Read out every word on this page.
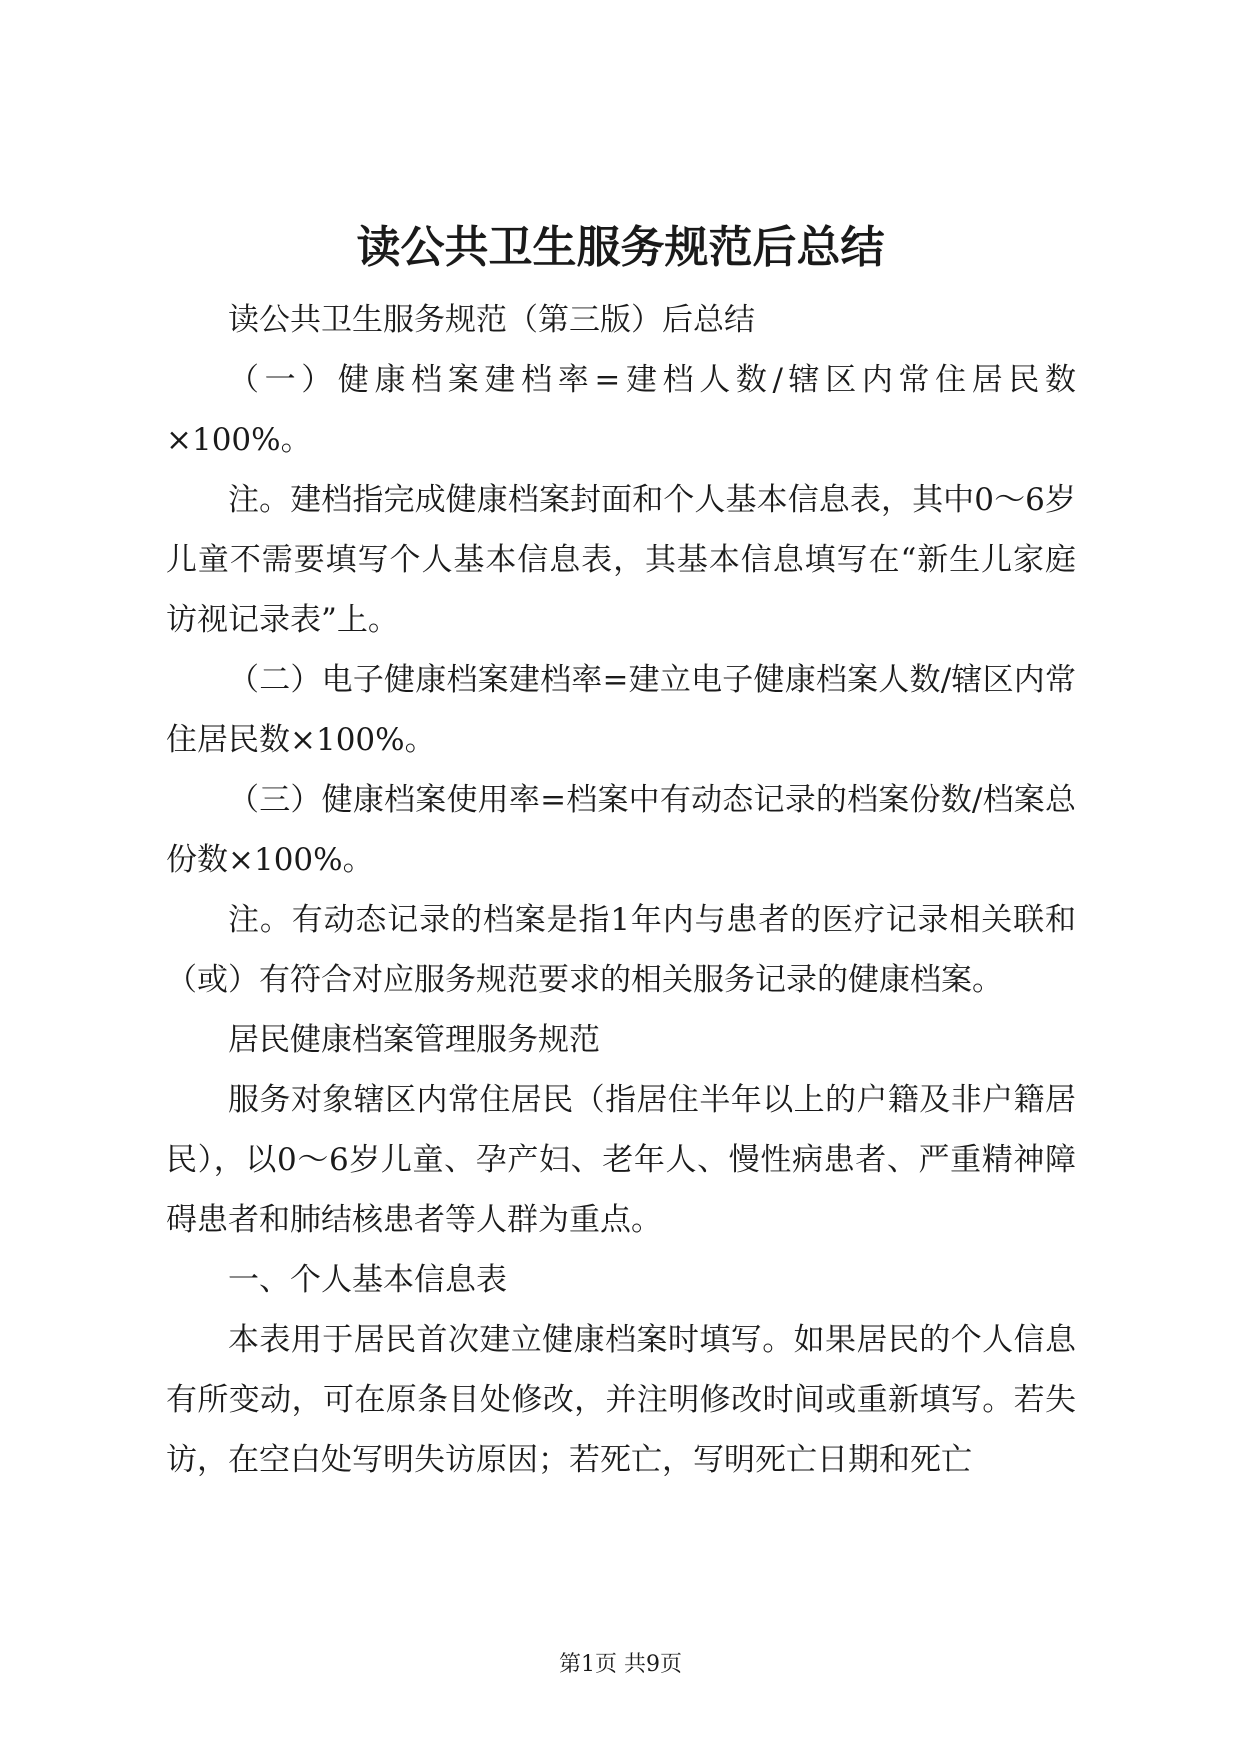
读公共卫生服务规范后总结

读公共卫生服务规范（第三版）后总结

（一）健康档案建档率=建档人数/辖区内常住居民数×100%。

注。建档指完成健康档案封面和个人基本信息表，其中0～6岁儿童不需要填写个人基本信息表，其基本信息填写在“新生儿家庭访视记录表”上。

（二）电子健康档案建档率=建立电子健康档案人数/辖区内常住居民数×100%。

（三）健康档案使用率=档案中有动态记录的档案份数/档案总份数×100%。

注。有动态记录的档案是指1年内与患者的医疗记录相关联和（或）有符合对应服务规范要求的相关服务记录的健康档案。

居民健康档案管理服务规范

服务对象辖区内常住居民（指居住半年以上的户籍及非户籍居民），以0～6岁儿童、孕产妇、老年人、慢性病患者、严重精神障碍患者和肺结核患者等人群为重点。

一、个人基本信息表

本表用于居民首次建立健康档案时填写。如果居民的个人信息有所变动，可在原条目处修改，并注明修改时间或重新填写。若失访，在空白处写明失访原因；若死亡，写明死亡日期和死亡

第1页 共9页
